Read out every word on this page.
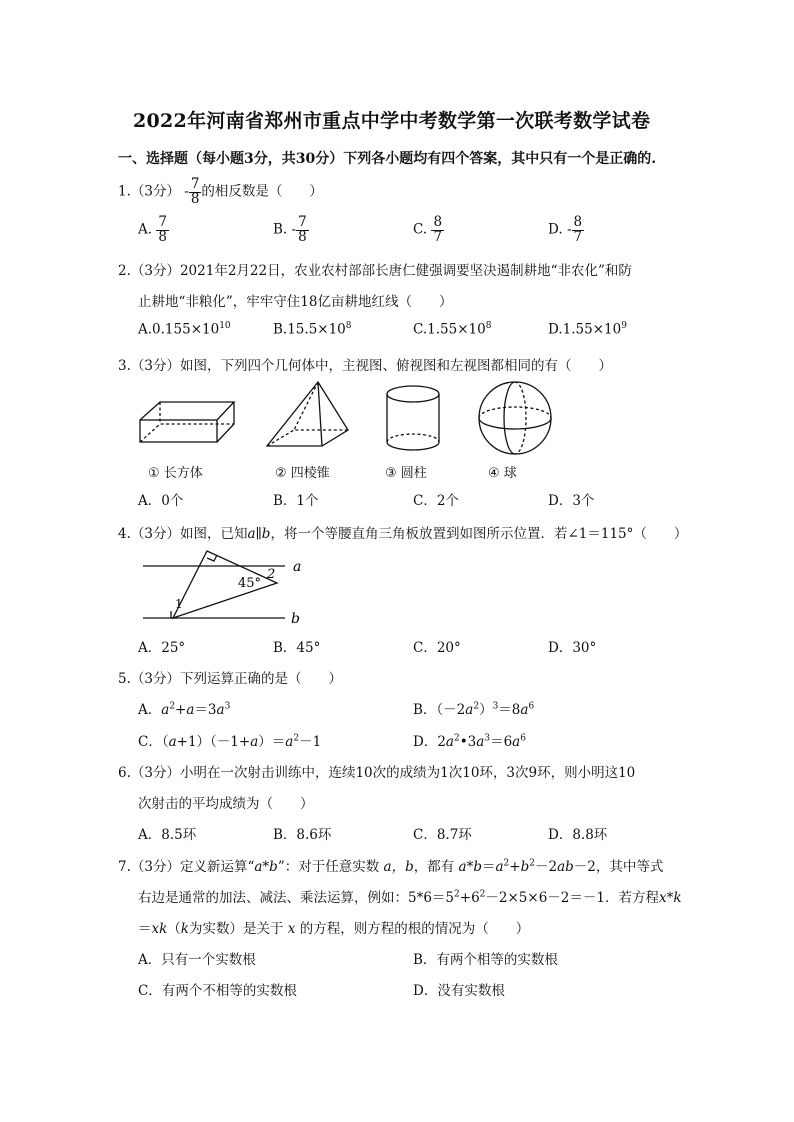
2022年河南省郑州市重点中学中考数学第一次联考数学试卷
一、选择题（每小题3分，共30分）下列各小题均有四个答案，其中只有一个是正确的.
1.（3分） - $\frac{7}{8}$ 的相反数是（　　）
A. $\frac{7}{8}$	B. - $\frac{7}{8}$	C. $\frac{8}{7}$	D. - $\frac{8}{7}$
2.（3分）2021年2月22日，农业农村部部长唐仁健强调要坚决遏制耕地“非农化”和防
止耕地“非粮化”，牢牢守住18亿亩耕地红线（　　）
$A.0.155\times 10^{10}$	$B.15.5\times 10^8$	$C.1.55\times 10^8$	$D.1.55\times 10^9$
3.（3分）如图，下列四个几何体中，主视图、俯视图和左视图都相同的有（　　）
① 长方体	② 四棱锥	③ 圆柱	④ 球
A．0个	B．1个	C．2个	D．3个
4.（3分）如图，已知a∥b，将一个等腰直角三角板放置到如图所示位置．若∠1＝115°（　　）
a
b
45°
2
1
A．25°	B．45°	C．20°	D．30°
5.（3分）下列运算正确的是（　　）
A．$a^2+a=3a^3$	B．$(-2a^2)^3=8a^6$
C．$(a+1)(-1+a)=a^2-1$	D．$2a^2•3a^3=6a^6$
6.（3分）小明在一次射击训练中，连续10次的成绩为1次10环，3次9环，则小明这10
次射击的平均成绩为（　　）
A．8.5环	B．8.6环	C．8.7环	D．8.8环
7.（3分）定义新运算“a*b”：对于任意实数 a，b，都有 $a*b=a^2+b^2-2ab-2$，其中等式
右边是通常的加法、减法、乘法运算，例如：$5*6=5^2+6^2-2\times 5\times 6-2=-1$．若方程x*k
＝xk（k为实数）是关于 x 的方程，则方程的根的情况为（　　）
A．只有一个实数根	B．有两个相等的实数根
C．有两个不相等的实数根	D．没有实数根
